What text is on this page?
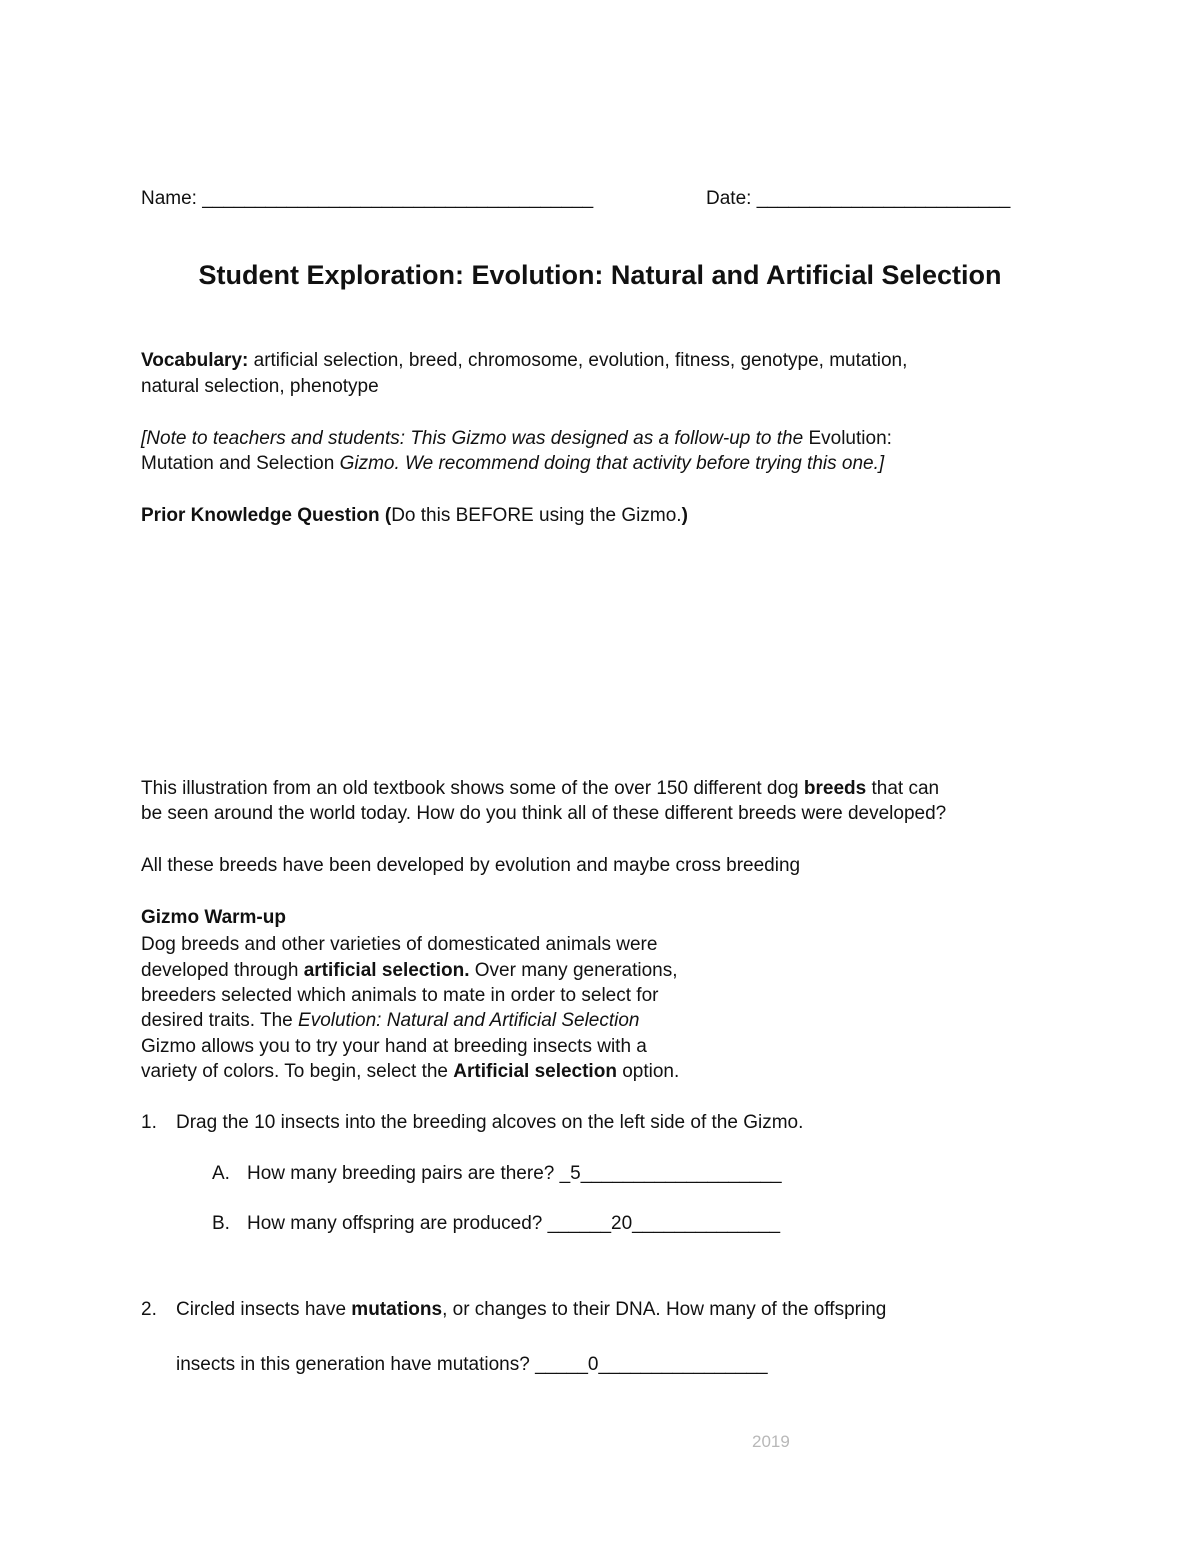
Name: _____________________________________	Date: ________________________
Student Exploration: Evolution: Natural and Artificial Selection
Vocabulary: artificial selection, breed, chromosome, evolution, fitness, genotype, mutation,
natural selection, phenotype
[Note to teachers and students: This Gizmo was designed as a follow-up to the Evolution:
Mutation and Selection Gizmo. We recommend doing that activity before trying this one.]
Prior Knowledge Question (Do this BEFORE using the Gizmo.)
This illustration from an old textbook shows some of the over 150 different dog breeds that can
be seen around the world today. How do you think all of these different breeds were developed?
All these breeds have been developed by evolution and maybe cross breeding
Gizmo Warm-up
Dog breeds and other varieties of domesticated animals were
developed through artificial selection. Over many generations,
breeders selected which animals to mate in order to select for
desired traits. The Evolution: Natural and Artificial Selection
Gizmo allows you to try your hand at breeding insects with a
variety of colors. To begin, select the Artificial selection option.
1. Drag the 10 insects into the breeding alcoves on the left side of the Gizmo.
A. How many breeding pairs are there? _5___________________
B. How many offspring are produced? ______20______________
2. Circled insects have mutations, or changes to their DNA. How many of the offspring
insects in this generation have mutations? _____0________________
2019
